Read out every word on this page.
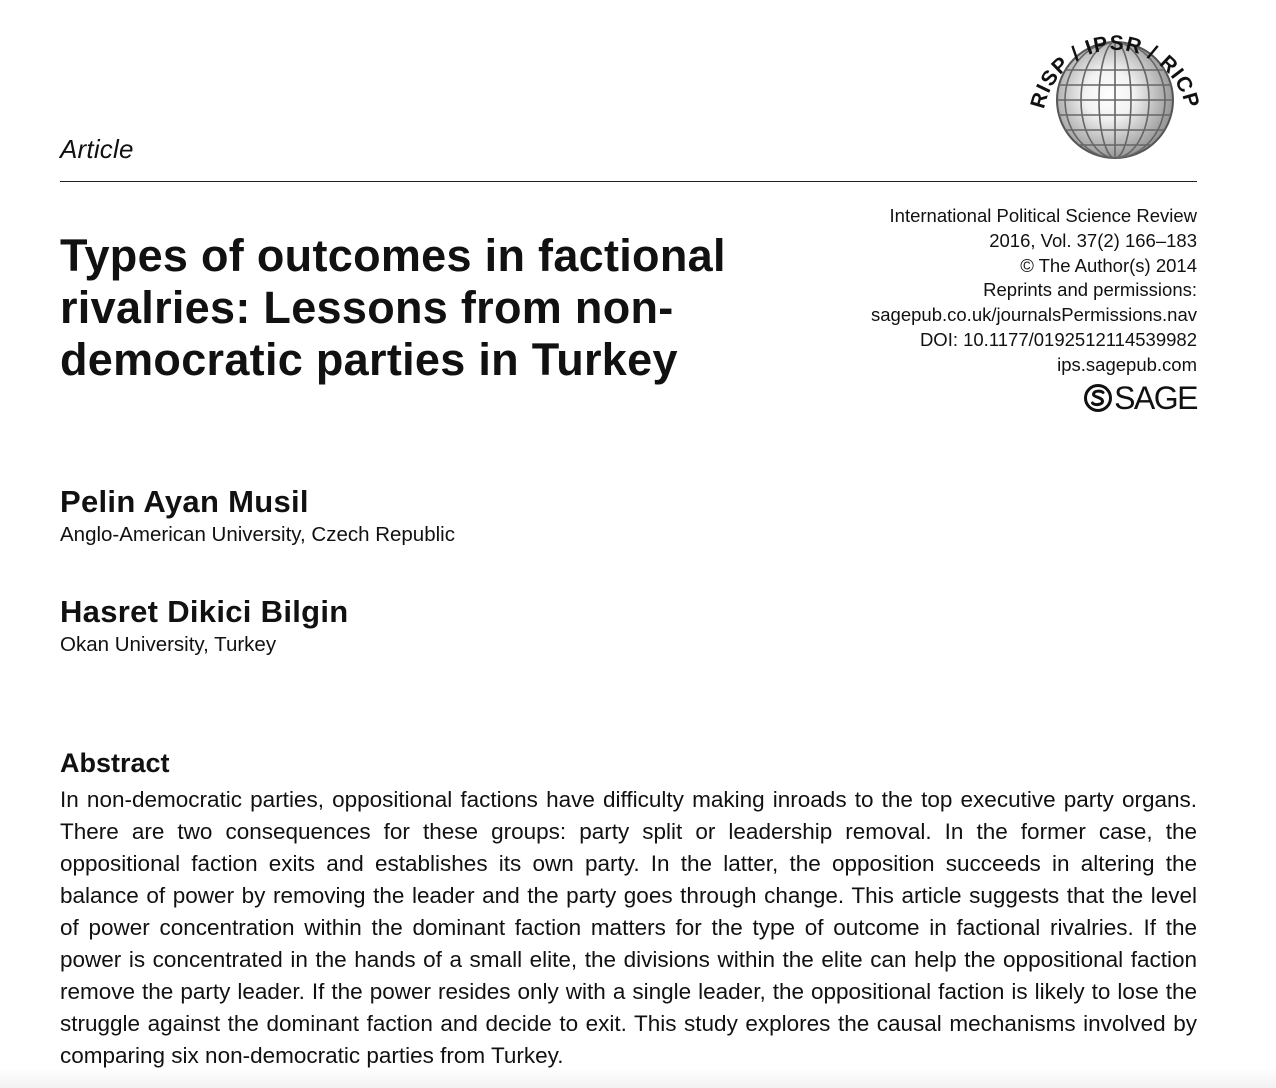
RISP / IPSR / RICP
Article
International Political Science Review
2016, Vol. 37(2) 166–183
© The Author(s) 2014
Reprints and permissions:
sagepub.co.uk/journalsPermissions.nav
DOI: 10.1177/0192512114539982
ips.sagepub.com
SAGE
Types of outcomes in factional
rivalries: Lessons from non-
democratic parties in Turkey
Pelin Ayan Musil
Anglo-American University, Czech Republic
Hasret Dikici Bilgin
Okan University, Turkey
Abstract
In non-democratic parties, oppositional factions have difficulty making inroads to the top executive party organs. There are two consequences for these groups: party split or leadership removal. In the former case, the oppositional faction exits and establishes its own party. In the latter, the opposition succeeds in altering the balance of power by removing the leader and the party goes through change. This article suggests that the level of power concentration within the dominant faction matters for the type of outcome in factional rivalries. If the power is concentrated in the hands of a small elite, the divisions within the elite can help the oppositional faction remove the party leader. If the power resides only with a single leader, the oppositional faction is likely to lose the struggle against the dominant faction and decide to exit. This study explores the causal mechanisms involved by comparing six non-democratic parties from Turkey.
